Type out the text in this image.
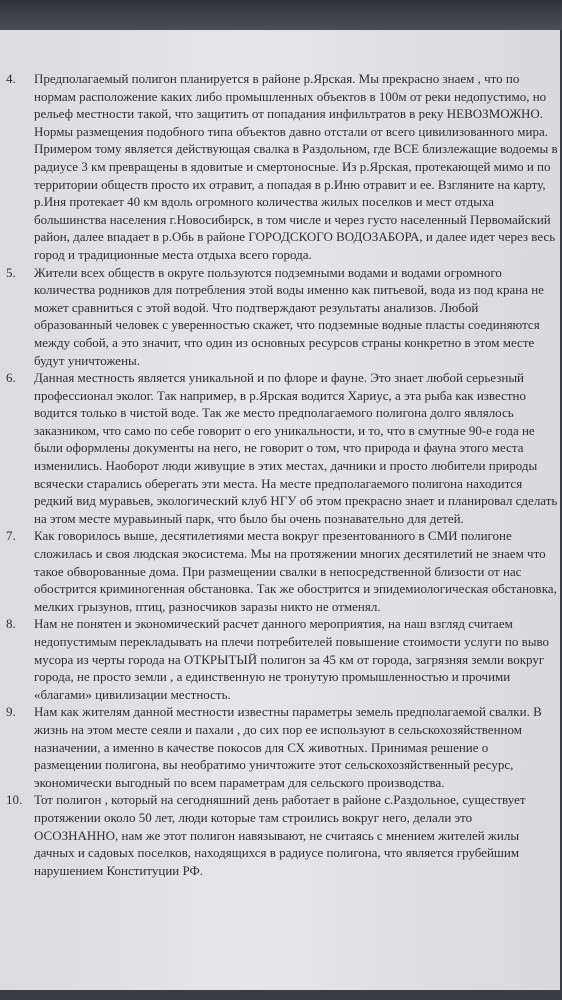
4. Предполагаемый полигон планируется в районе р.Ярская. Мы прекрасно знаем , что по

нормам расположение каких либо промышленных объектов в 100м от реки недопустимо, но

рельеф местности такой, что защитить от попадания инфильтратов в реку НЕВОЗМОЖНО.

Нормы размещения подобного типа объектов давно отстали от всего цивилизованного мира.

Примером тому является действующая свалка в Раздольном, где ВСЕ близлежащие водоемы в

радиусе 3 км превращены в ядовитые и смертоносные. Из р.Ярская, протекающей мимо и по

территории обществ просто их отравит, а попадая в р.Иню отравит и ее. Взгляните на карту,

р.Иня протекает 40 км вдоль огромного количества жилых поселков и мест отдыха

большинства населения г.Новосибирск, в том числе и через густо населенный Первомайский

район, далее впадает в р.Обь в районе ГОРОДСКОГО ВОДОЗАБОРА, и далее идет через весь

город и традиционные места отдыха всего города.

5. Жители всех обществ в округе пользуются подземными водами и водами огромного

количества родников для потребления этой воды именно как питьевой, вода из под крана не

может сравниться с этой водой. Что подтверждают результаты анализов. Любой

образованный человек с уверенностью скажет, что подземные водные пласты соединяются

между собой, а это значит, что один из основных ресурсов страны конкретно в этом месте

будут уничтожены.

6. Данная местность является уникальной и по флоре и фауне. Это знает любой серьезный

профессионал эколог. Так например, в р.Ярская водится Хариус, а эта рыба как известно

водится только в чистой воде. Так же место предполагаемого полигона долго являлось

заказником, что само по себе говорит о его уникальности, и то, что в смутные 90-е года не

были оформлены документы на него, не говорит о том, что природа и фауна этого места

изменились. Наоборот люди живущие в этих местах, дачники и просто любители природы

всячески старались оберегать эти места. На месте предполагаемого полигона находится

редкий вид муравьев, экологический клуб НГУ об этом прекрасно знает и планировал сделать

на этом месте муравьиный парк, что было бы очень познавательно для детей.

7. Как говорилось выше, десятилетиями места вокруг презентованного в СМИ полигоне

сложилась и своя людская экосистема. Мы на протяжении многих десятилетий не знаем что

такое обворованные дома. При размещении свалки в непосредственной близости от нас

обострится криминогенная обстановка. Так же обострится и эпидемиологическая обстановка,

мелких грызунов, птиц, разносчиков заразы никто не отменял.

8. Нам не понятен и экономический расчет данного мероприятия, на наш взгляд считаем

недопустимым перекладывать на плечи потребителей повышение стоимости услуги по выво

мусора из черты города на ОТКРЫТЫЙ полигон за 45 км от города, загрязняя земли вокруг

города, не просто земли , а единственную не тронутую промышленностью и прочими

«благами» цивилизации местность.

9. Нам как жителям данной местности известны параметры земель предполагаемой свалки. В

жизнь на этом месте сеяли и пахали , до сих пор ее используют в сельскохозяйственном

назначении, а именно в качестве покосов для СХ животных. Принимая решение о

размещении полигона, вы необратимо уничтожите этот сельскохозяйственный ресурс,

экономически выгодный по всем параметрам для сельского производства.

10. Тот полигон , который на сегодняшний день работает в районе с.Раздольное, существует

протяжении около 50 лет, люди которые там строились вокруг него, делали это

ОСОЗНАННО, нам же этот полигон навязывают, не считаясь с мнением жителей жилы

дачных и садовых поселков, находящихся в радиусе полигона, что является грубейшим

нарушением Конституции РФ.
